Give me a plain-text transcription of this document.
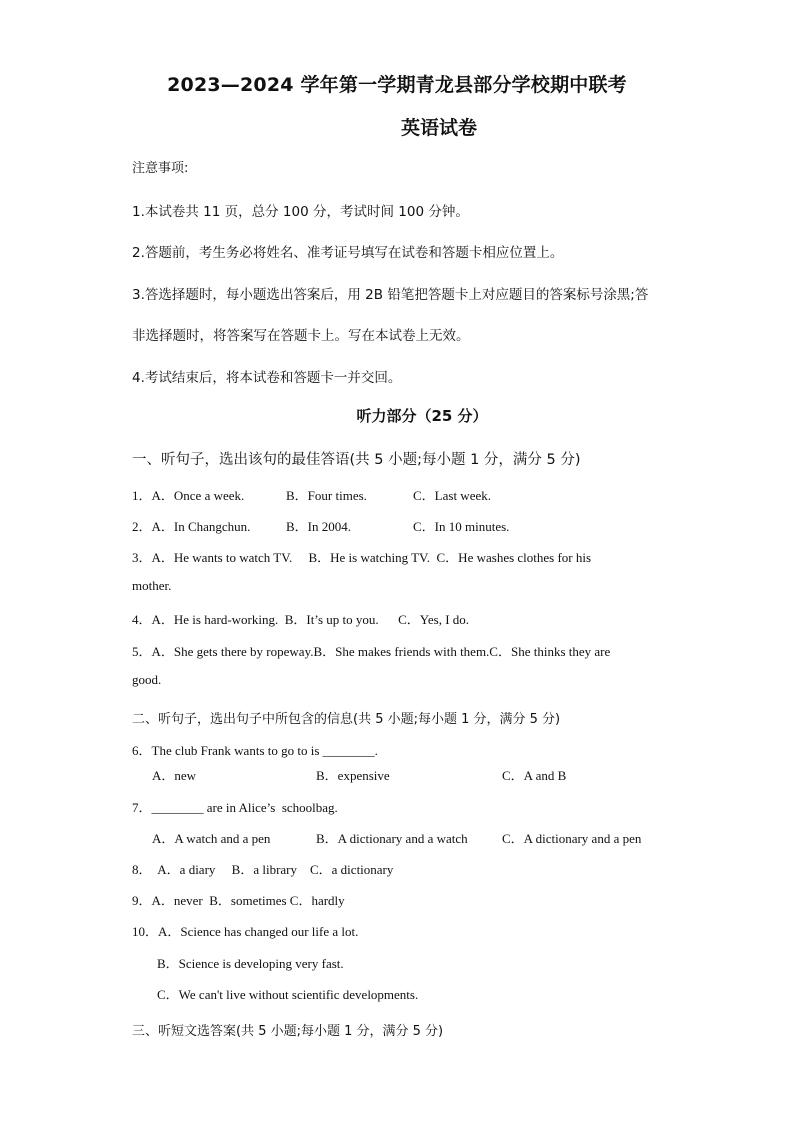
2023—2024 学年第一学期青龙县部分学校期中联考
英语试卷
注意事项:
1.本试卷共 11 页，总分 100 分，考试时间 100 分钟。
2.答题前，考生务必将姓名、准考证号填写在试卷和答题卡相应位置上。
3.答选择题时，每小题选出答案后，用 2B 铅笔把答题卡上对应题目的答案标号涂黑;答
非选择题时，将答案写在答题卡上。写在本试卷上无效。
4.考试结束后，将本试卷和答题卡一并交回。
听力部分（25 分）
一、听句子，选出该句的最佳答语(共 5 小题;每小题 1 分，满分 5 分)
1．A．Once a week.	B．Four times.	C．Last week.
2．A．In Changchun.	B．In 2004.	C．In 10 minutes.
3．A．He wants to watch TV.     B．He is watching TV.  C．He washes clothes for his
mother.
4．A．He is hard-working.  B．It’s up to you.      C．Yes, I do.
5．A．She gets there by ropeway.B．She makes friends with them.C．She thinks they are
good.
二、听句子，选出句子中所包含的信息(共 5 小题;每小题 1 分，满分 5 分)
6．The club Frank wants to go to is ________.
A．new	B．expensive	C．A and B
7．________ are in Alice’s  schoolbag.
A．A watch and a pen	B．A dictionary and a watch	C．A dictionary and a pen
8．  A．a diary     B．a library    C．a dictionary
9．A．never  B．sometimes C．hardly
10．A．Science has changed our life a lot.
B．Science is developing very fast.
C．We can't live without scientific developments.
三、听短文选答案(共 5 小题;每小题 1 分，满分 5 分)
